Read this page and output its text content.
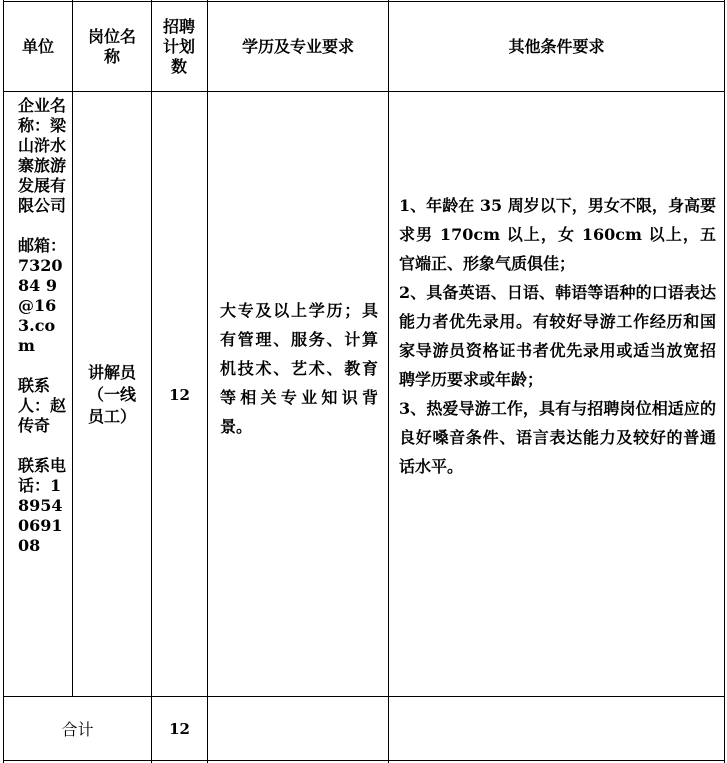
单位
岗位名称
招聘计划数
学历及专业要求	其他条件要求
企业名称：梁山浒水寨旅游发展有限公司
邮箱：732084 9@163.com
联系人：赵传奇
联系电话：18954069108
讲解员（一线员工）
12
大专及以上学历；具有管理、服务、计算机技术、艺术、教育等相关专业知识背景。

1、年龄在 35 周岁以下，男女不限，身高要求男 170cm 以上，女 160cm 以上，五官端正、形象气质俱佳；

2、具备英语、日语、韩语等语种的口语表达能力者优先录用。有较好导游工作经历和国家导游员资格证书者优先录用或适当放宽招聘学历要求或年龄；

3、热爱导游工作，具有与招聘岗位相适应的良好嗓音条件、语言表达能力及较好的普通话水平。

合计	12
